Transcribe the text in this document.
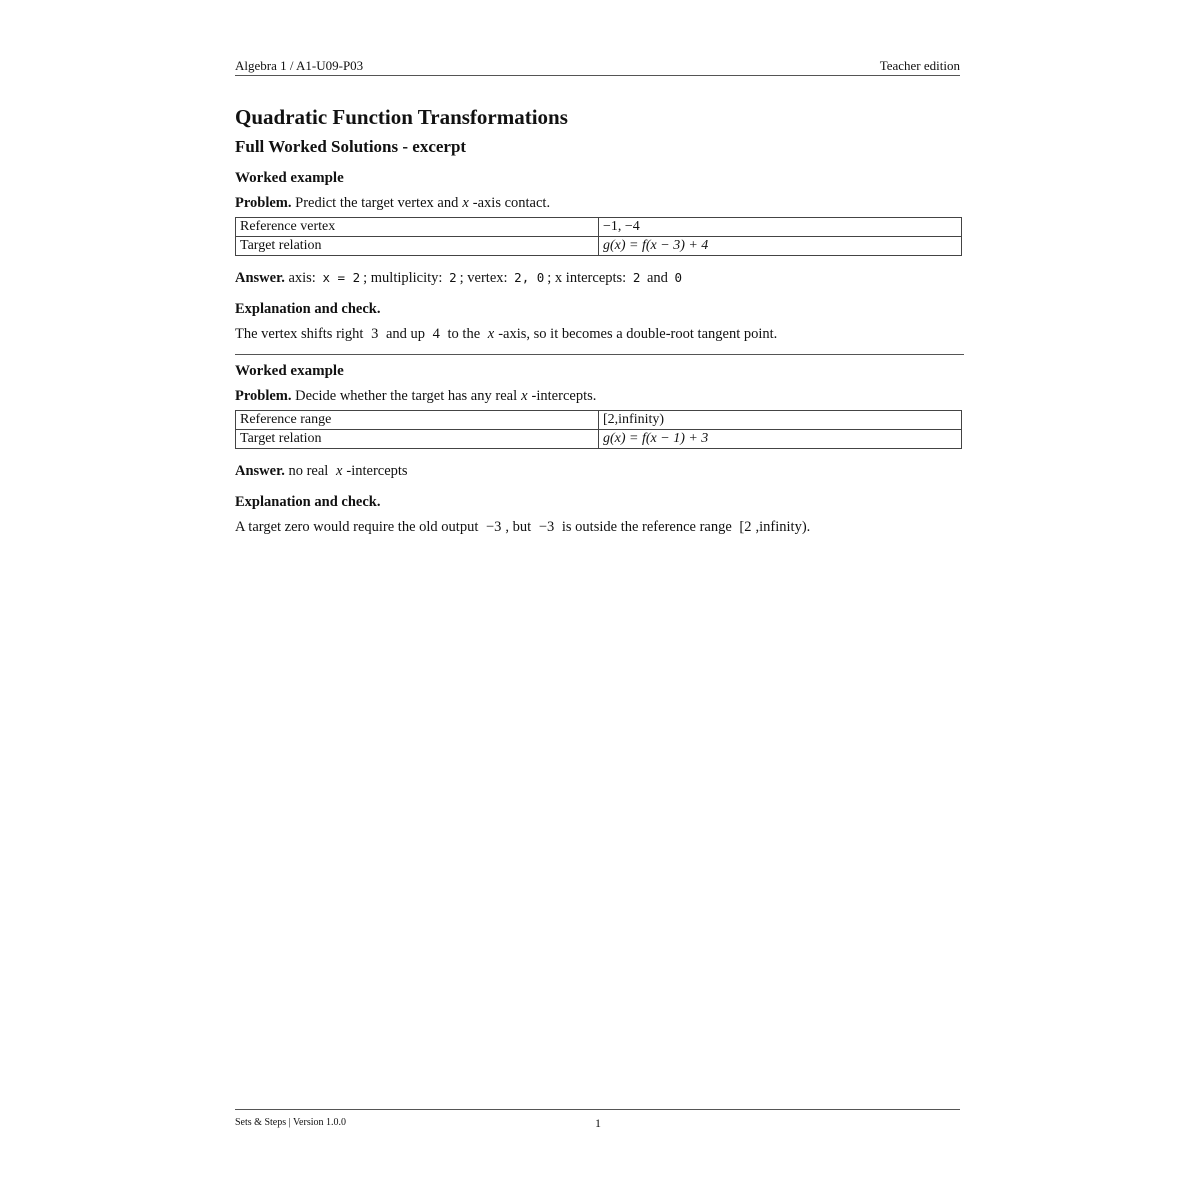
Algebra 1 / A1-U09-P03	Teacher edition
Quadratic Function Transformations
Full Worked Solutions - excerpt
Worked example

Problem. Predict the target vertex and x -axis contact.

Reference vertex	−1, −4
Target relation	g(x) = f(x − 3) + 4

Answer. axis: x = 2 ; multiplicity: 2 ; vertex: 2, 0 ; x intercepts: 2 and 0

Explanation and check.

The vertex shifts right 3 and up 4 to the x -axis, so it becomes a double-root tangent point.

Worked example

Problem. Decide whether the target has any real x -intercepts.

Reference range	[2,infinity)
Target relation	g(x) = f(x − 1) + 3

Answer. no real x -intercepts

Explanation and check.

A target zero would require the old output −3 , but −3 is outside the reference range [2 ,infinity).

Sets & Steps | Version 1.0.0	1
